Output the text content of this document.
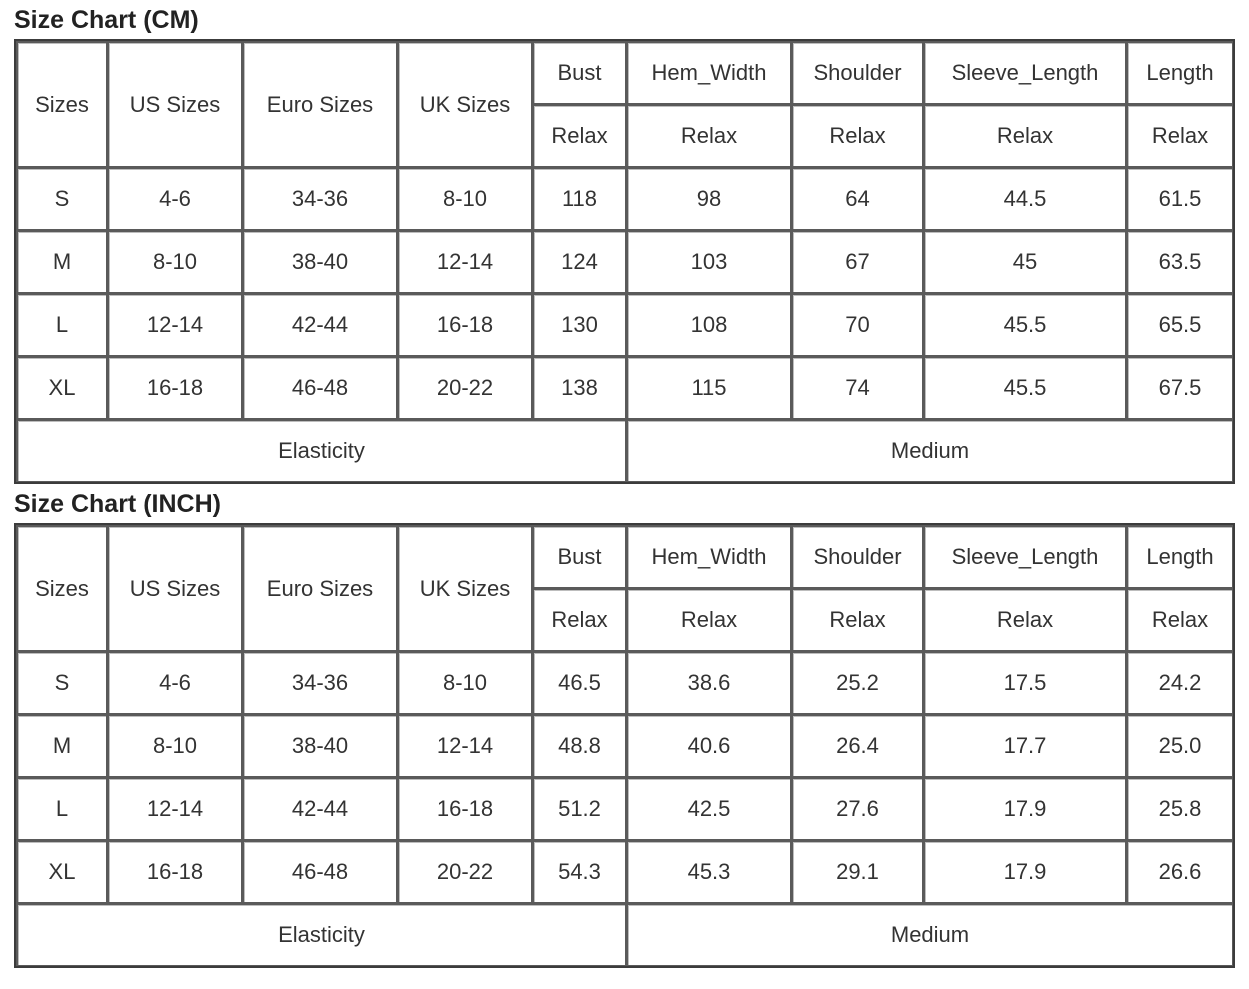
Size Chart (CM)
Sizes	US Sizes	Euro Sizes	UK Sizes	Bust	Hem_Width	Shoulder	Sleeve_Length	Length
				Relax	Relax	Relax	Relax	Relax
S	4-6	34-36	8-10	118	98	64	44.5	61.5
M	8-10	38-40	12-14	124	103	67	45	63.5
L	12-14	42-44	16-18	130	108	70	45.5	65.5
XL	16-18	46-48	20-22	138	115	74	45.5	67.5
Elasticity					Medium			
Size Chart (INCH)
Sizes	US Sizes	Euro Sizes	UK Sizes	Bust	Hem_Width	Shoulder	Sleeve_Length	Length
				Relax	Relax	Relax	Relax	Relax
S	4-6	34-36	8-10	46.5	38.6	25.2	17.5	24.2
M	8-10	38-40	12-14	48.8	40.6	26.4	17.7	25.0
L	12-14	42-44	16-18	51.2	42.5	27.6	17.9	25.8
XL	16-18	46-48	20-22	54.3	45.3	29.1	17.9	26.6
Elasticity					Medium			
